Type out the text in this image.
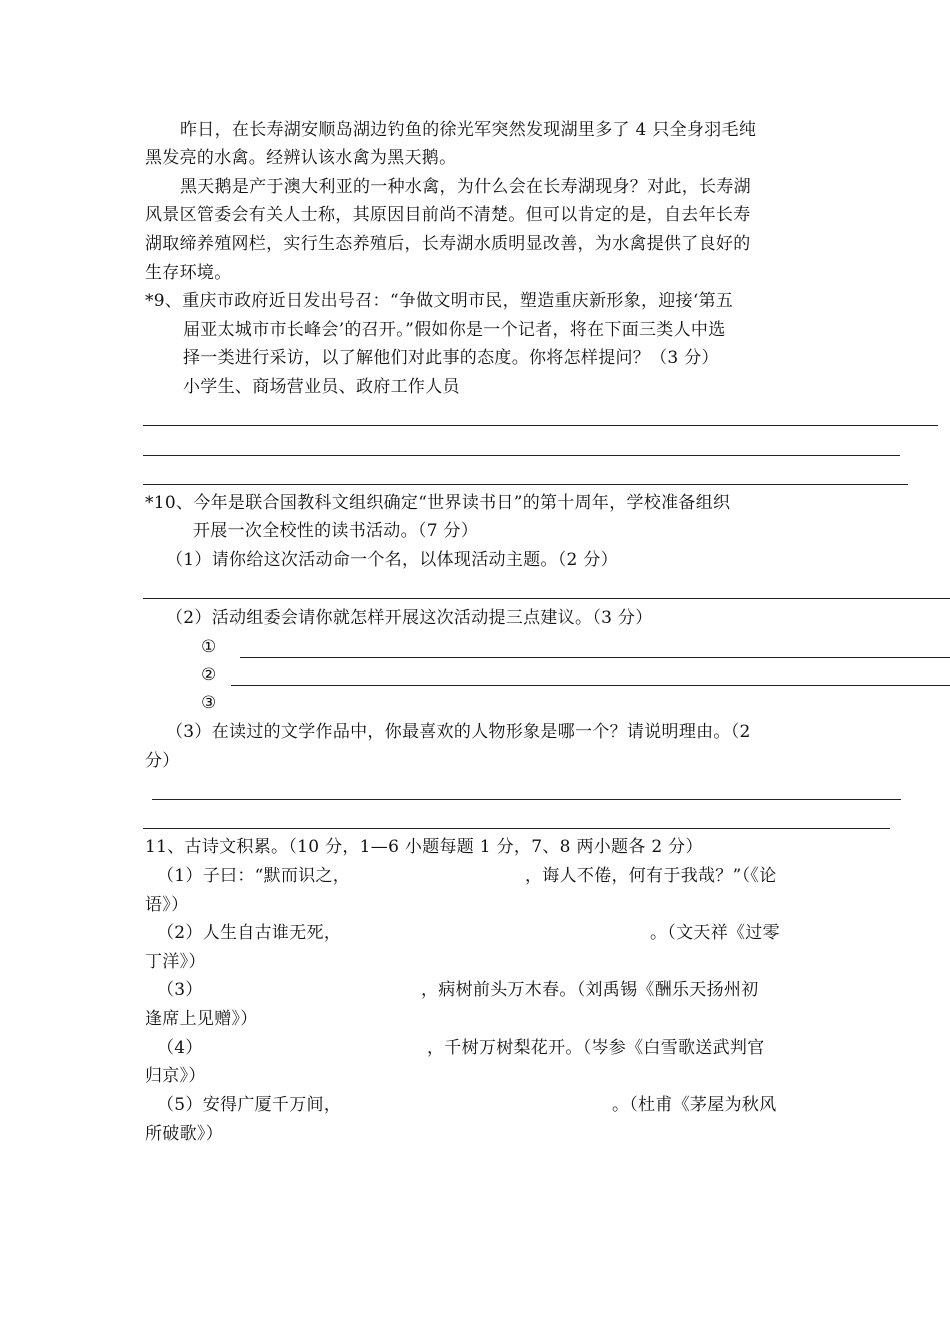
昨日，在长寿湖安顺岛湖边钓鱼的徐光军突然发现湖里多了 4 只全身羽毛纯
黑发亮的水禽。经辨认该水禽为黑天鹅。
黑天鹅是产于澳大利亚的一种水禽，为什么会在长寿湖现身？对此，长寿湖
风景区管委会有关人士称，其原因目前尚不清楚。但可以肯定的是，自去年长寿
湖取缔养殖网栏，实行生态养殖后，长寿湖水质明显改善，为水禽提供了良好的
生存环境。
*9、重庆市政府近日发出号召：“争做文明市民，塑造重庆新形象，迎接‘第五
届亚太城市市长峰会’的召开。”假如你是一个记者，将在下面三类人中选
择一类进行采访，以了解他们对此事的态度。你将怎样提问？（3 分）
小学生、商场营业员、政府工作人员
*10、今年是联合国教科文组织确定“世界读书日”的第十周年，学校准备组织
开展一次全校性的读书活动。（7 分）
（1）请你给这次活动命一个名，以体现活动主题。（2 分）
（2）活动组委会请你就怎样开展这次活动提三点建议。（3 分）
①
②
③
（3）在读过的文学作品中，你最喜欢的人物形象是哪一个？请说明理由。（2
分）
11、古诗文积累。（10 分，1—6 小题每题 1 分，7、8 两小题各 2 分）
（1）子曰：“默而识之，	，诲人不倦，何有于我哉？”（《论
语》）
（2）人生自古谁无死，	。（文天祥《过零
丁洋》）
（3）	，病树前头万木春。（刘禹锡《酬乐天扬州初
逢席上见赠》）
（4）	，千树万树梨花开。（岑参《白雪歌送武判官
归京》）
（5）安得广厦千万间，	。（杜甫《茅屋为秋风
所破歌》）
